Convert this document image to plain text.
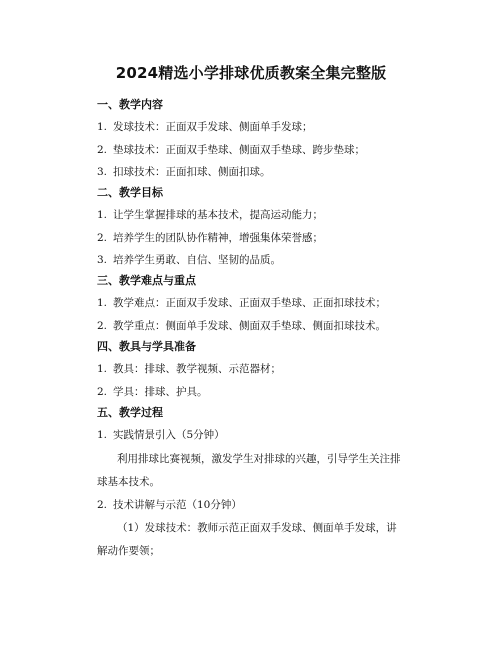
2024精选小学排球优质教案全集完整版
一、教学内容
1. 发球技术：正面双手发球、侧面单手发球；
2. 垫球技术：正面双手垫球、侧面双手垫球、跨步垫球；
3. 扣球技术：正面扣球、侧面扣球。
二、教学目标
1. 让学生掌握排球的基本技术，提高运动能力；
2. 培养学生的团队协作精神，增强集体荣誉感；
3. 培养学生勇敢、自信、坚韧的品质。
三、教学难点与重点
1. 教学难点：正面双手发球、正面双手垫球、正面扣球技术；
2. 教学重点：侧面单手发球、侧面双手垫球、侧面扣球技术。
四、教具与学具准备
1. 教具：排球、教学视频、示范器材；
2. 学具：排球、护具。
五、教学过程
1. 实践情景引入（5分钟）
利用排球比赛视频，激发学生对排球的兴趣，引导学生关注排
球基本技术。
2. 技术讲解与示范（10分钟）
（1）发球技术：教师示范正面双手发球、侧面单手发球，讲
解动作要领；
